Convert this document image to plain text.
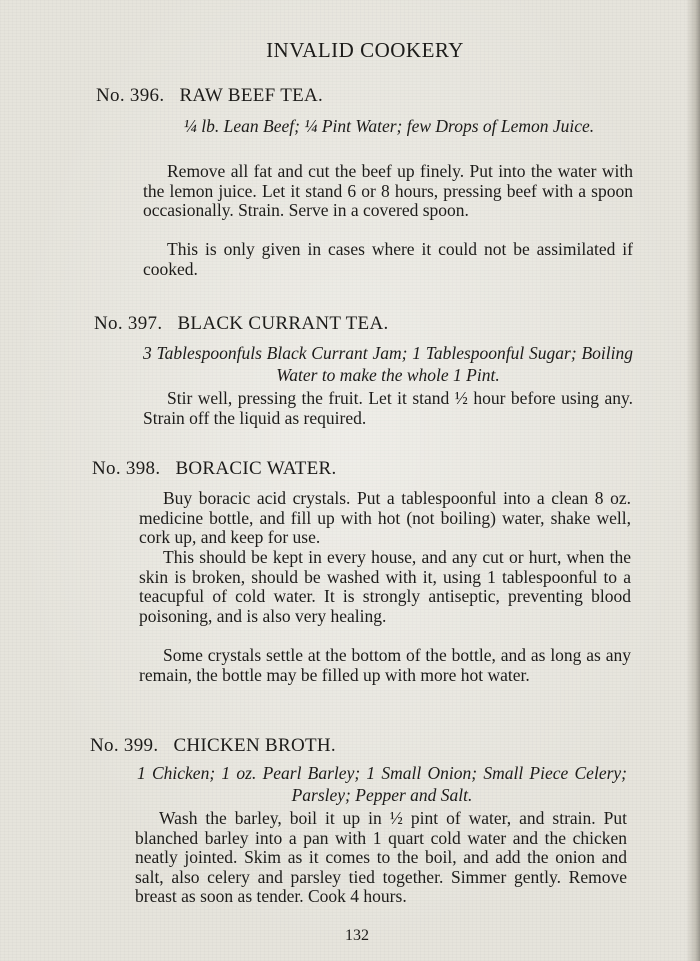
INVALID COOKERY
No. 396. RAW BEEF TEA.
¼ lb. Lean Beef; ¼ Pint Water; few Drops of Lemon Juice.
Remove all fat and cut the beef up finely. Put into the water with the lemon juice. Let it stand 6 or 8 hours, pressing beef with a spoon occasionally. Strain. Serve in a covered spoon.
This is only given in cases where it could not be assimilated if cooked.
No. 397. BLACK CURRANT TEA.
3 Tablespoonfuls Black Currant Jam; 1 Tablespoonful Sugar; Boiling Water to make the whole 1 Pint.
Stir well, pressing the fruit. Let it stand ½ hour before using any. Strain off the liquid as required.
No. 398. BORACIC WATER.
Buy boracic acid crystals. Put a tablespoonful into a clean 8 oz. medicine bottle, and fill up with hot (not boiling) water, shake well, cork up, and keep for use.
This should be kept in every house, and any cut or hurt, when the skin is broken, should be washed with it, using 1 tablespoonful to a teacupful of cold water. It is strongly antiseptic, preventing blood poisoning, and is also very healing.
Some crystals settle at the bottom of the bottle, and as long as any remain, the bottle may be filled up with more hot water.
No. 399. CHICKEN BROTH.
1 Chicken; 1 oz. Pearl Barley; 1 Small Onion; Small Piece Celery; Parsley; Pepper and Salt.
Wash the barley, boil it up in ½ pint of water, and strain. Put blanched barley into a pan with 1 quart cold water and the chicken neatly jointed. Skim as it comes to the boil, and add the onion and salt, also celery and parsley tied together. Simmer gently. Remove breast as soon as tender. Cook 4 hours.
132
